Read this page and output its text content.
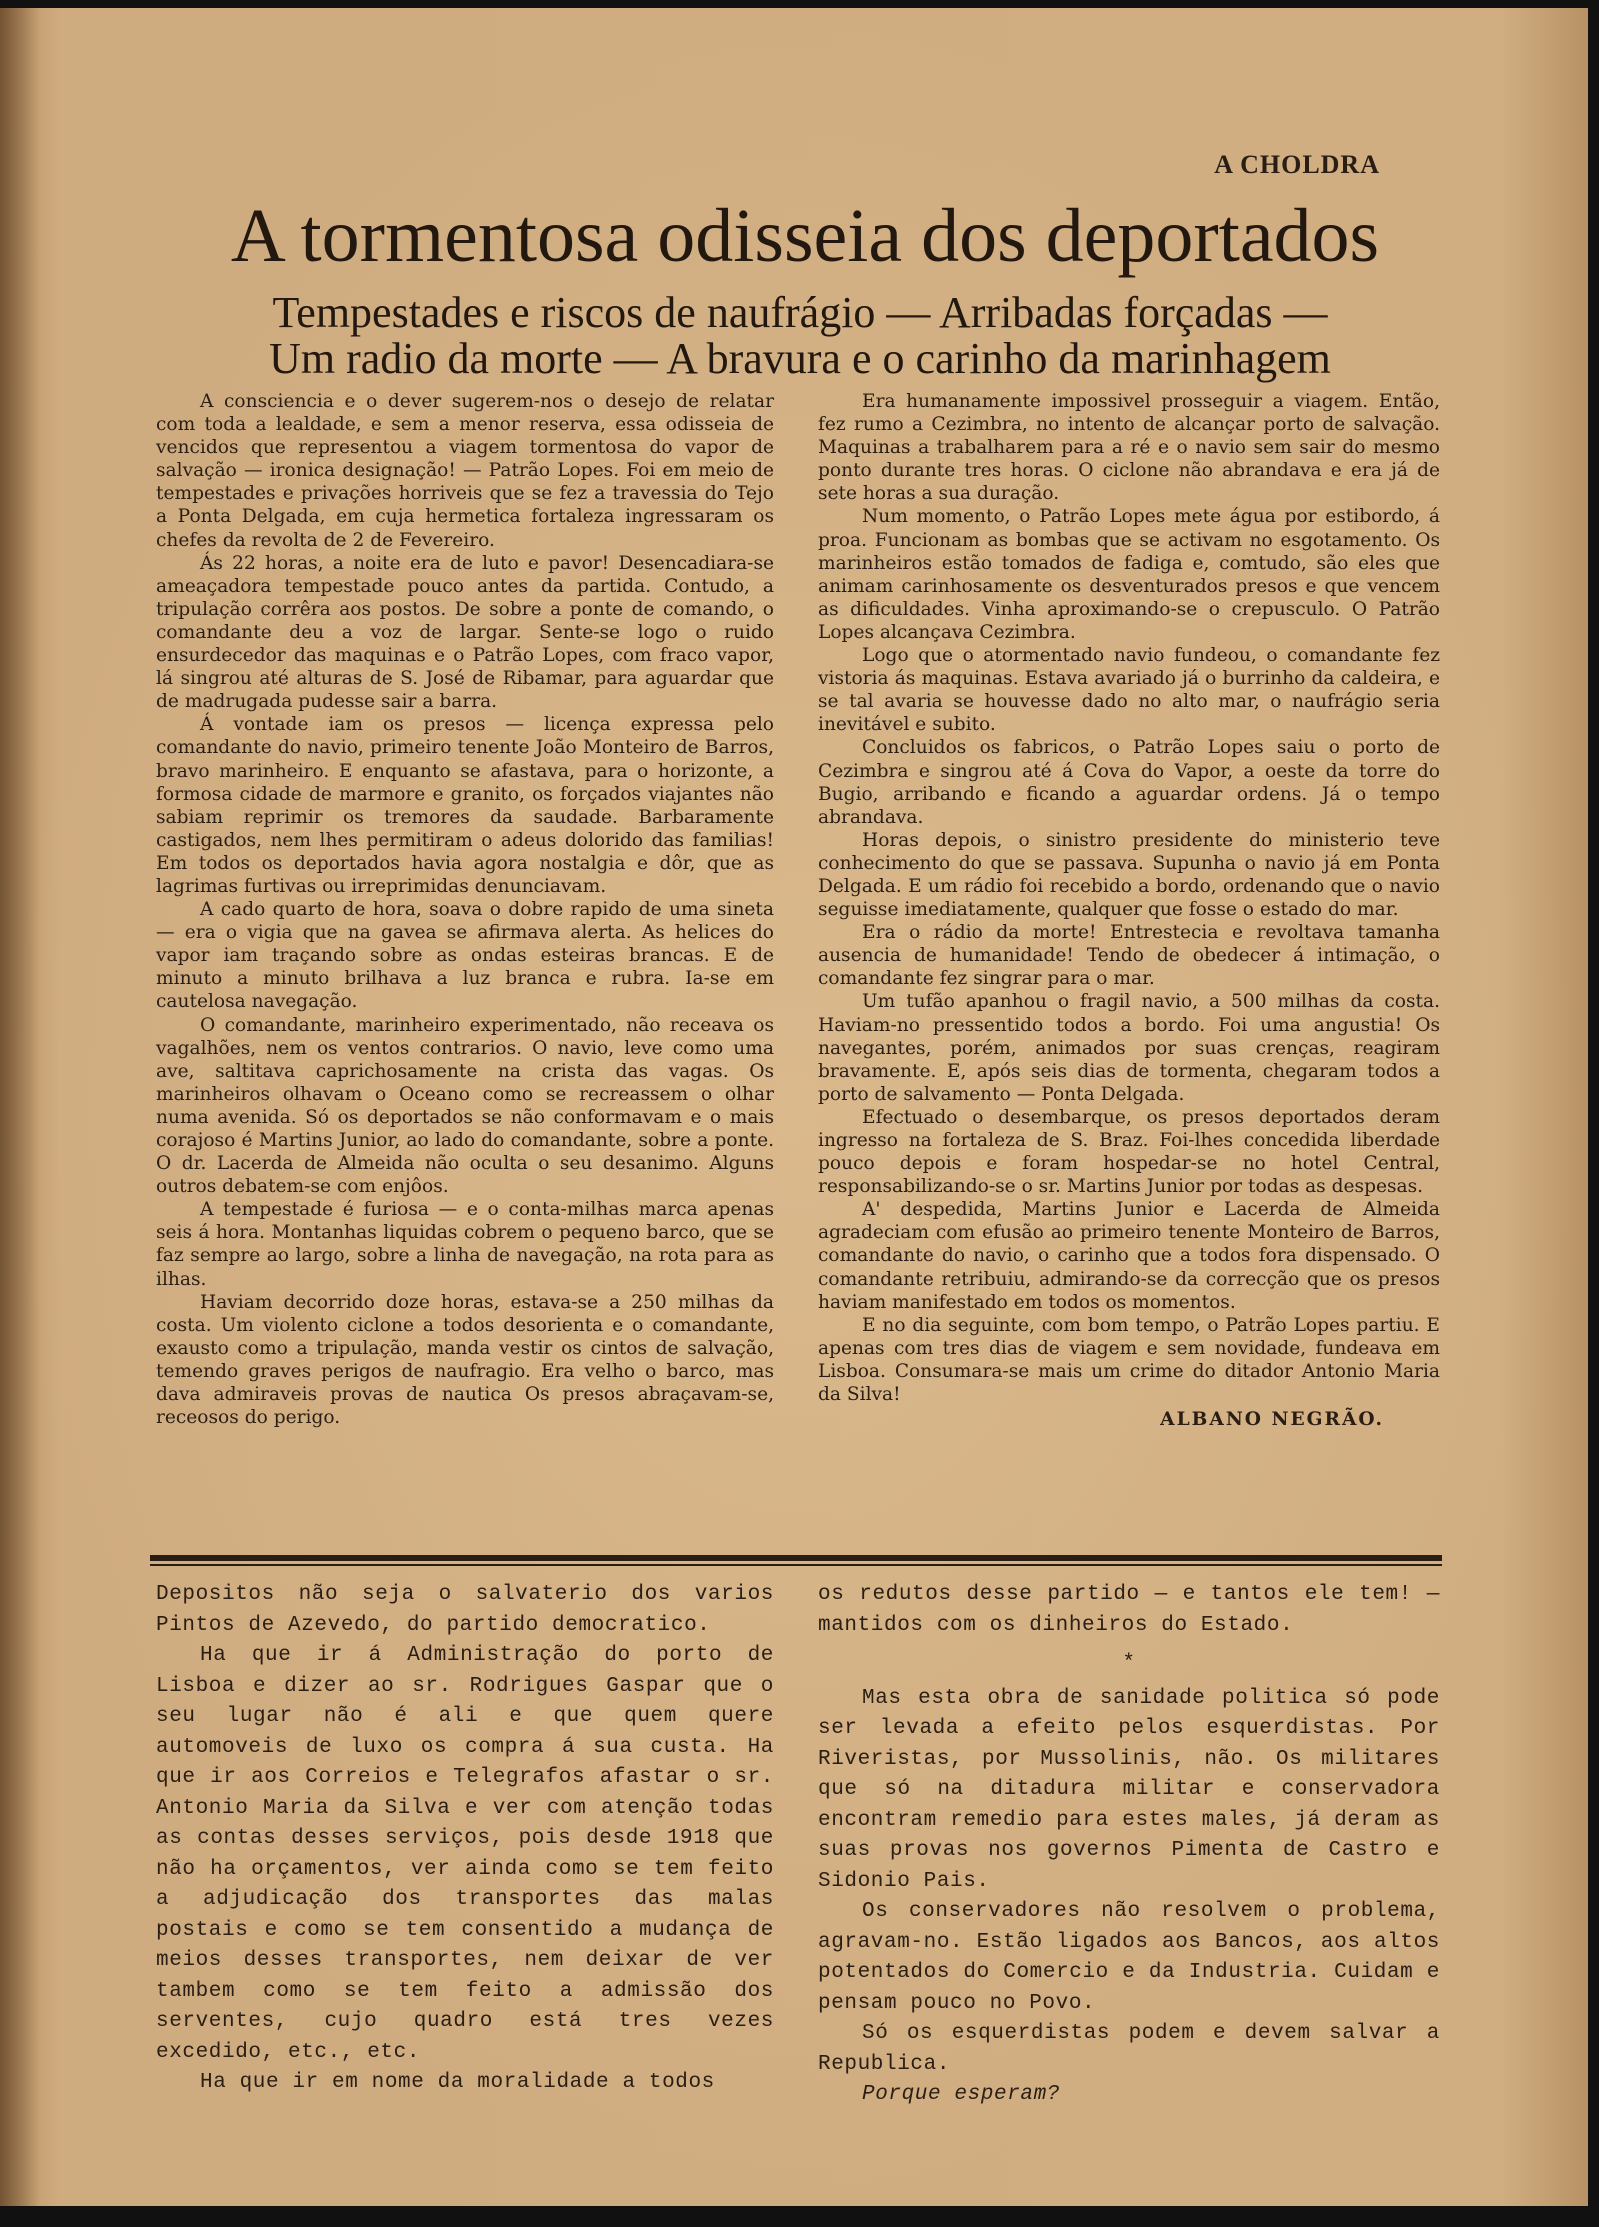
A CHOLDRA
A tormentosa odisseia dos deportados
Tempestades e riscos de naufrágio — Arribadas forçadas —
Um radio da morte — A bravura e o carinho da marinhagem

A consciencia e o dever sugerem-nos o desejo de relatar com toda a lealdade, e sem a menor reserva, essa odisseia de vencidos que representou a viagem tormentosa do vapor de salvação — ironica designação! — Patrão Lopes. Foi em meio de tempestades e privações horriveis que se fez a travessia do Tejo a Ponta Delgada, em cuja hermetica fortaleza ingressaram os chefes da revolta de 2 de Fevereiro.

Ás 22 horas, a noite era de luto e pavor! Desencadiara-se ameaçadora tempestade pouco antes da partida. Contudo, a tripulação corrêra aos postos. De sobre a ponte de comando, o comandante deu a voz de largar. Sente-se logo o ruido ensurdecedor das maquinas e o Patrão Lopes, com fraco vapor, lá singrou até alturas de S. José de Ribamar, para aguardar que de madrugada pudesse sair a barra.

Á vontade iam os presos — licença expressa pelo comandante do navio, primeiro tenente João Monteiro de Barros, bravo marinheiro. E enquanto se afastava, para o horizonte, a formosa cidade de marmore e granito, os forçados viajantes não sabiam reprimir os tremores da saudade. Barbaramente castigados, nem lhes permitiram o adeus dolorido das familias! Em todos os deportados havia agora nostalgia e dôr, que as lagrimas furtivas ou irreprimidas denunciavam.

A cado quarto de hora, soava o dobre rapido de uma sineta — era o vigia que na gavea se afirmava alerta. As helices do vapor iam traçando sobre as ondas esteiras brancas. E de minuto a minuto brilhava a luz branca e rubra. Ia-se em cautelosa navegação.

O comandante, marinheiro experimentado, não receava os vagalhões, nem os ventos contrarios. O navio, leve como uma ave, saltitava caprichosamente na crista das vagas. Os marinheiros olhavam o Oceano como se recreassem o olhar numa avenida. Só os deportados se não conformavam e o mais corajoso é Martins Junior, ao lado do comandante, sobre a ponte. O dr. Lacerda de Almeida não oculta o seu desanimo. Alguns outros debatem-se com enjôos.

A tempestade é furiosa — e o conta-milhas marca apenas seis á hora. Montanhas liquidas cobrem o pequeno barco, que se faz sempre ao largo, sobre a linha de navegação, na rota para as ilhas.

Haviam decorrido doze horas, estava-se a 250 milhas da costa. Um violento ciclone a todos desorienta e o comandante, exausto como a tripulação, manda vestir os cintos de salvação, temendo graves perigos de naufragio. Era velho o barco, mas dava admiraveis provas de nautica Os presos abraçavam-se, receosos do perigo.

Era humanamente impossivel prosseguir a viagem. Então, fez rumo a Cezimbra, no intento de alcançar porto de salvação. Maquinas a trabalharem para a ré e o navio sem sair do mesmo ponto durante tres horas. O ciclone não abrandava e era já de sete horas a sua duração.

Num momento, o Patrão Lopes mete água por estibordo, á proa. Funcionam as bombas que se activam no esgotamento. Os marinheiros estão tomados de fadiga e, comtudo, são eles que animam carinhosamente os desventurados presos e que vencem as dificuldades. Vinha aproximando-se o crepusculo. O Patrão Lopes alcançava Cezimbra.

Logo que o atormentado navio fundeou, o comandante fez vistoria ás maquinas. Estava avariado já o burrinho da caldeira, e se tal avaria se houvesse dado no alto mar, o naufrágio seria inevitável e subito.

Concluidos os fabricos, o Patrão Lopes saiu o porto de Cezimbra e singrou até á Cova do Vapor, a oeste da torre do Bugio, arribando e ficando a aguardar ordens. Já o tempo abrandava.

Horas depois, o sinistro presidente do ministerio teve conhecimento do que se passava. Supunha o navio já em Ponta Delgada. E um rádio foi recebido a bordo, ordenando que o navio seguisse imediatamente, qualquer que fosse o estado do mar.

Era o rádio da morte! Entrestecia e revoltava tamanha ausencia de humanidade! Tendo de obedecer á intimação, o comandante fez singrar para o mar.

Um tufão apanhou o fragil navio, a 500 milhas da costa. Haviam-no pressentido todos a bordo. Foi uma angustia! Os navegantes, porém, animados por suas crenças, reagiram bravamente. E, após seis dias de tormenta, chegaram todos a porto de salvamento — Ponta Delgada.

Efectuado o desembarque, os presos deportados deram ingresso na fortaleza de S. Braz. Foi-lhes concedida liberdade pouco depois e foram hospedar-se no hotel Central, responsabilizando-se o sr. Martins Junior por todas as despesas.

A' despedida, Martins Junior e Lacerda de Almeida agradeciam com efusão ao primeiro tenente Monteiro de Barros, comandante do navio, o carinho que a todos fora dispensado. O comandante retribuiu, admirando-se da correcção que os presos haviam manifestado em todos os momentos.

E no dia seguinte, com bom tempo, o Patrão Lopes partiu. E apenas com tres dias de viagem e sem novidade, fundeava em Lisboa. Consumara-se mais um crime do ditador Antonio Maria da Silva!

ALBANO NEGRÃO.

Depositos não seja o salvaterio dos varios Pintos de Azevedo, do partido democratico.

Ha que ir á Administração do porto de Lisboa e dizer ao sr. Rodrigues Gaspar que o seu lugar não é ali e que quem quere automoveis de luxo os compra á sua custa. Ha que ir aos Correios e Telegrafos afastar o sr. Antonio Maria da Silva e ver com atenção todas as contas desses serviços, pois desde 1918 que não ha orçamentos, ver ainda como se tem feito a adjudicação dos transportes das malas postais e como se tem consentido a mudança de meios desses transportes, nem deixar de ver tambem como se tem feito a admissão dos serventes, cujo quadro está tres vezes excedido, etc., etc.

Ha que ir em nome da moralidade a todos

os redutos desse partido — e tantos ele tem! — mantidos com os dinheiros do Estado.

*

Mas esta obra de sanidade politica só pode ser levada a efeito pelos esquerdistas. Por Riveristas, por Mussolinis, não. Os militares que só na ditadura militar e conservadora encontram remedio para estes males, já deram as suas provas nos governos Pimenta de Castro e Sidonio Pais.

Os conservadores não resolvem o problema, agravam-no. Estão ligados aos Bancos, aos altos potentados do Comercio e da Industria. Cuidam e pensam pouco no Povo.

Só os esquerdistas podem e devem salvar a Republica.

Porque esperam?
